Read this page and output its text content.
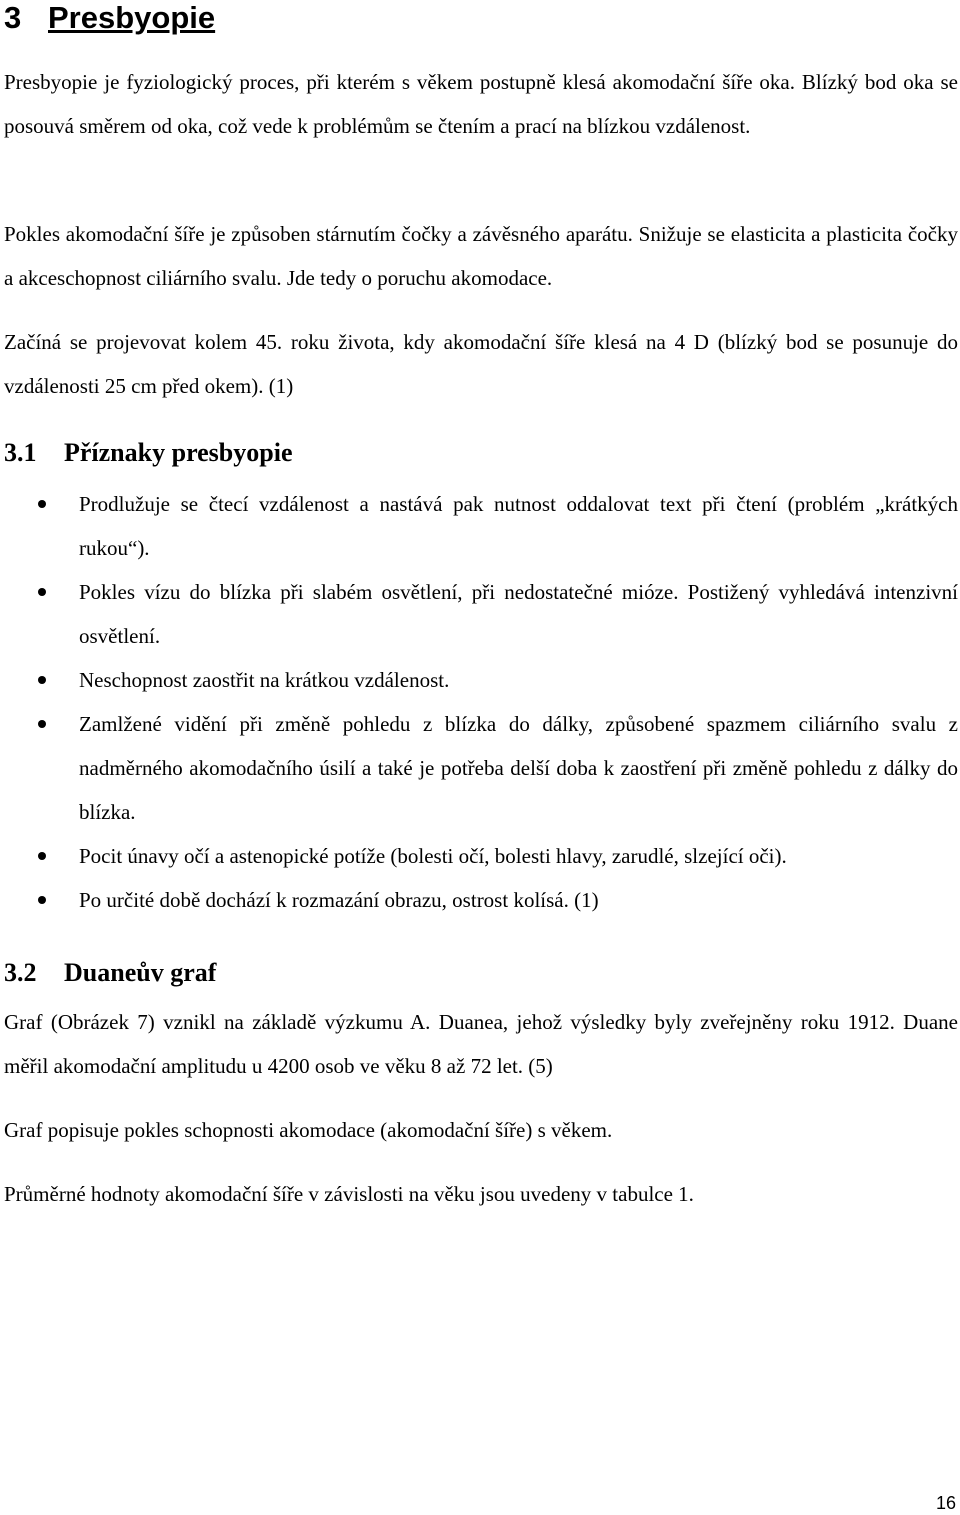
3 Presbyopie

Presbyopie je fyziologický proces, při kterém s věkem postupně klesá akomodační šíře oka. Blízký bod oka se posouvá směrem od oka, což vede k problémům se čtením a prací na blízkou vzdálenost.

Pokles akomodační šíře je způsoben stárnutím čočky a závěsného aparátu. Snižuje se elasticita a plasticita čočky a akceschopnost ciliárního svalu. Jde tedy o poruchu akomodace.

Začíná se projevovat kolem 45. roku života, kdy akomodační šíře klesá na 4 D (blízký bod se posunuje do vzdálenosti 25 cm před okem). (1)

3.1 Příznaky presbyopie
Prodlužuje se čtecí vzdálenost a nastává pak nutnost oddalovat text při čtení (problém „krátkých rukou“).
Pokles vízu do blízka při slabém osvětlení, při nedostatečné mióze. Postižený vyhledává intenzivní osvětlení.
Neschopnost zaostřit na krátkou vzdálenost.
Zamlžené vidění při změně pohledu z blízka do dálky, způsobené spazmem ciliárního svalu z nadměrného akomodačního úsilí a také je potřeba delší doba k zaostření při změně pohledu z dálky do blízka.
Pocit únavy očí a astenopické potíže (bolesti očí, bolesti hlavy, zarudlé, slzející oči).
Po určité době dochází k rozmazání obrazu, ostrost kolísá. (1)
3.2 Duaneův graf

Graf (Obrázek 7) vznikl na základě výzkumu A. Duanea, jehož výsledky byly zveřejněny roku 1912. Duane měřil akomodační amplitudu u 4200 osob ve věku 8 až 72 let. (5)

Graf popisuje pokles schopnosti akomodace (akomodační šíře) s věkem.

Průměrné hodnoty akomodační šíře v závislosti na věku jsou uvedeny v tabulce 1.

16
